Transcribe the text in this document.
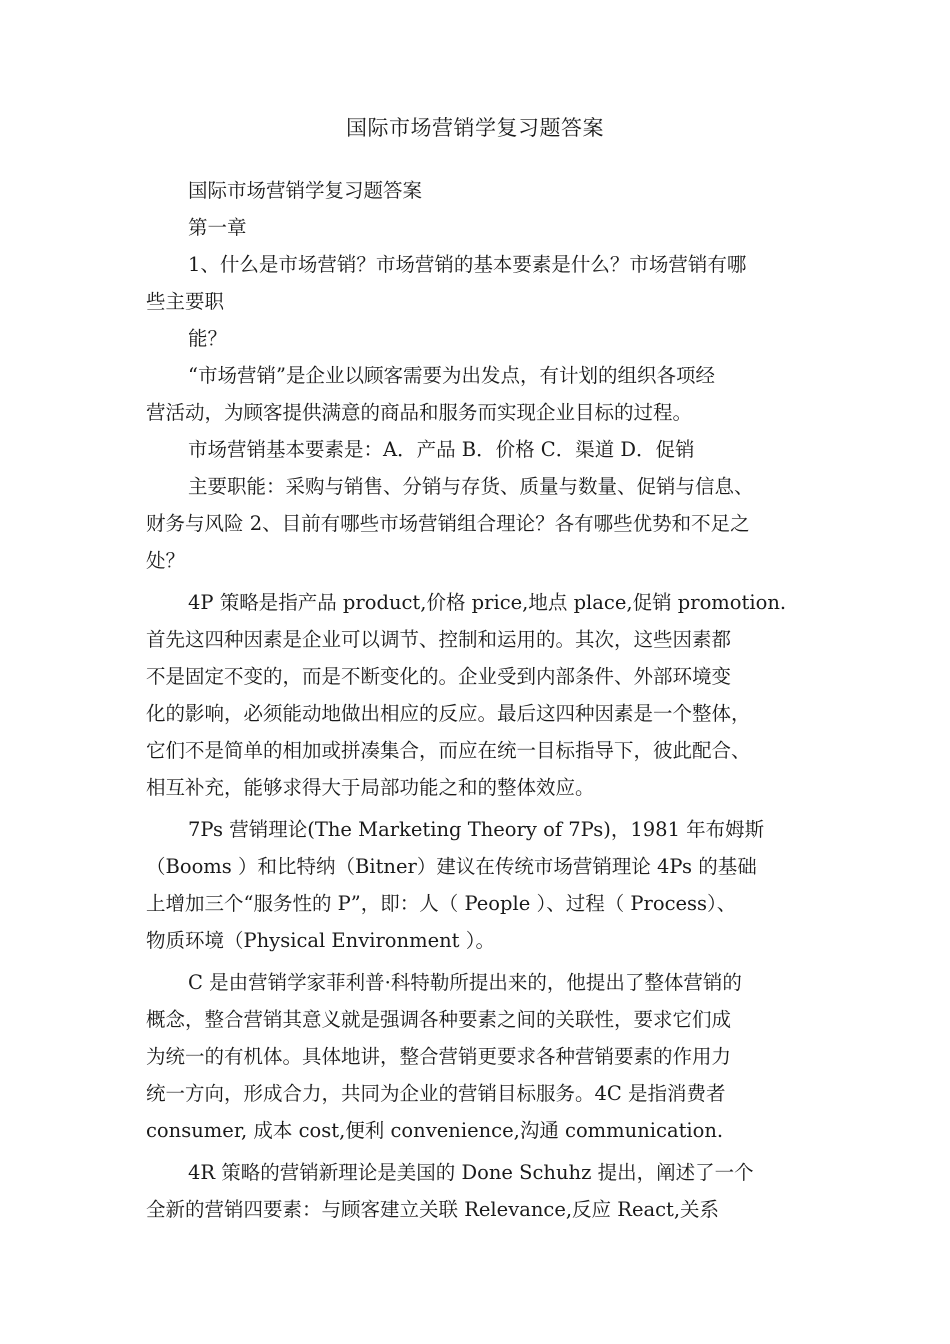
国际市场营销学复习题答案
国际市场营销学复习题答案
第一章
1、什么是市场营销？市场营销的基本要素是什么？市场营销有哪
些主要职
能？
“市场营销”是企业以顾客需要为出发点，有计划的组织各项经
营活动，为顾客提供满意的商品和服务而实现企业目标的过程。
市场营销基本要素是：A．产品 B．价格 C．渠道 D．促销
主要职能：采购与销售、分销与存货、质量与数量、促销与信息、
财务与风险 2、目前有哪些市场营销组合理论？各有哪些优势和不足之
处？
4P 策略是指产品 product,价格 price,地点 place,促销 promotion.
首先这四种因素是企业可以调节、控制和运用的。其次，这些因素都
不是固定不变的，而是不断变化的。企业受到内部条件、外部环境变
化的影响，必须能动地做出相应的反应。最后这四种因素是一个整体，
它们不是简单的相加或拼凑集合，而应在统一目标指导下，彼此配合、
相互补充，能够求得大于局部功能之和的整体效应。
7Ps 营销理论(The Marketing Theory of 7Ps)，1981 年布姆斯
（Booms ）和比特纳（Bitner）建议在传统市场营销理论 4Ps 的基础
上增加三个“服务性的 P”，即：人（ People ）、过程（ Process）、
物质环境（Physical Environment ）。
C 是由营销学家菲利普·科特勒所提出来的，他提出了整体营销的
概念，整合营销其意义就是强调各种要素之间的关联性，要求它们成
为统一的有机体。具体地讲，整合营销更要求各种营销要素的作用力
统一方向，形成合力，共同为企业的营销目标服务。4C 是指消费者
consumer, 成本 cost,便利 convenience,沟通 communication.
4R 策略的营销新理论是美国的 Done Schuhz 提出，阐述了一个
全新的营销四要素：与顾客建立关联 Relevance,反应 React,关系
